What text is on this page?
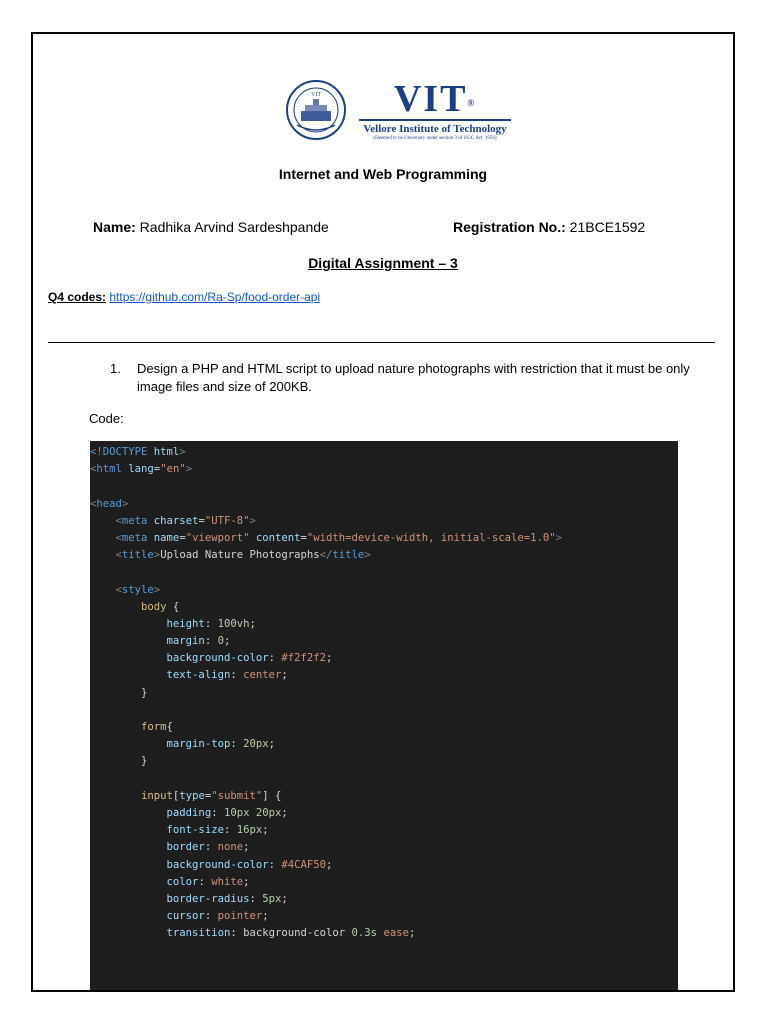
VIT	VIT®
Vellore Institute of Technology
(Deemed to be University under section 3 of UGC Act, 1956)
Internet and Web Programming
Name: Radhika Arvind Sardeshpande	Registration No.: 21BCE1592
Digital Assignment – 3
Q4 codes: https://github.com/Ra-Sp/food-order-api
1. Design a PHP and HTML script to upload nature photographs with restriction that it must be only image files and size of 200KB.
Code:
<!DOCTYPE html>
<html lang="en">
<head>
<meta charset="UTF-8">
<meta name="viewport" content="width=device-width, initial-scale=1.0">
<title>Upload Nature Photographs</title>
<style>
body {
height: 100vh;
margin: 0;
background-color: #f2f2f2;
text-align: center;
}
form{
margin-top: 20px;
}
input[type="submit"] {
padding: 10px 20px;
font-size: 16px;
border: none;
background-color: #4CAF50;
color: white;
border-radius: 5px;
cursor: pointer;
transition: background-color 0.3s ease;
